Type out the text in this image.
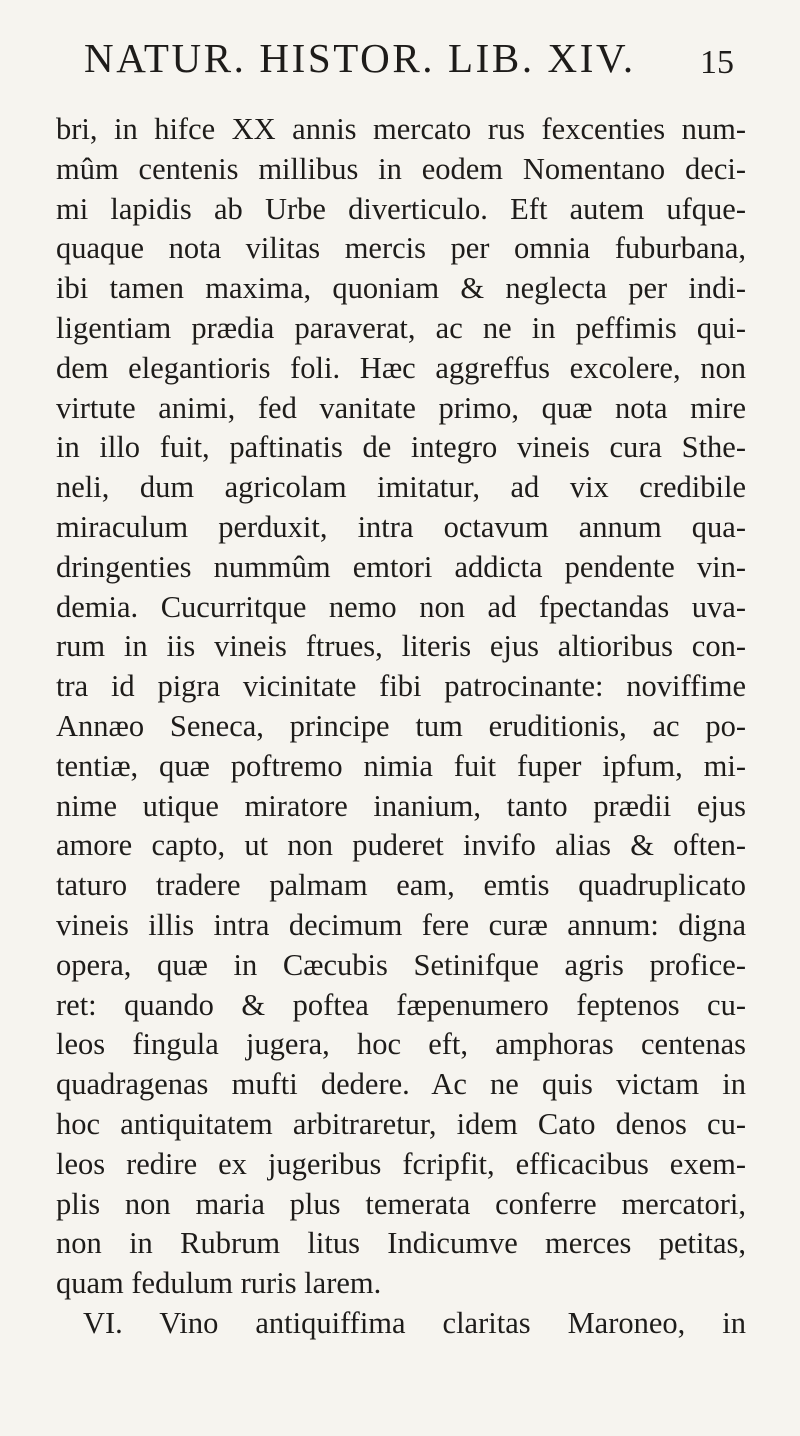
NATUR. HISTOR. LIB. XIV. 15
bri, in hifce XX annis mercato rus fexcenties num-
mûm centenis millibus in eodem Nomentano deci-
mi lapidis ab Urbe diverticulo. Eft autem ufque-
quaque nota vilitas mercis per omnia fuburbana,
ibi tamen maxima, quoniam & neglecta per indi-
ligentiam prædia paraverat, ac ne in peffimis qui-
dem elegantioris foli. Hæc aggreffus excolere, non
virtute animi, fed vanitate primo, quæ nota mire
in illo fuit, paftinatis de integro vineis cura Sthe-
neli, dum agricolam imitatur, ad vix credibile
miraculum perduxit, intra octavum annum qua-
dringenties nummûm emtori addicta pendente vin-
demia. Cucurritque nemo non ad fpectandas uva-
rum in iis vineis ftrues, literis ejus altioribus con-
tra id pigra vicinitate fibi patrocinante: noviffime
Annæo Seneca, principe tum eruditionis, ac po-
tentiæ, quæ poftremo nimia fuit fuper ipfum, mi-
nime utique miratore inanium, tanto prædii ejus
amore capto, ut non puderet invifo alias & often-
taturo tradere palmam eam, emtis quadruplicato
vineis illis intra decimum fere curæ annum: digna
opera, quæ in Cæcubis Setinifque agris profice-
ret: quando & poftea fæpenumero feptenos cu-
leos fingula jugera, hoc eft, amphoras centenas
quadragenas mufti dedere. Ac ne quis victam in
hoc antiquitatem arbitraretur, idem Cato denos cu-
leos redire ex jugeribus fcripfit, efficacibus exem-
plis non maria plus temerata conferre mercatori,
non in Rubrum litus Indicumve merces petitas,
quam fedulum ruris larem.
VI. Vino antiquiffima claritas Maroneo, in
